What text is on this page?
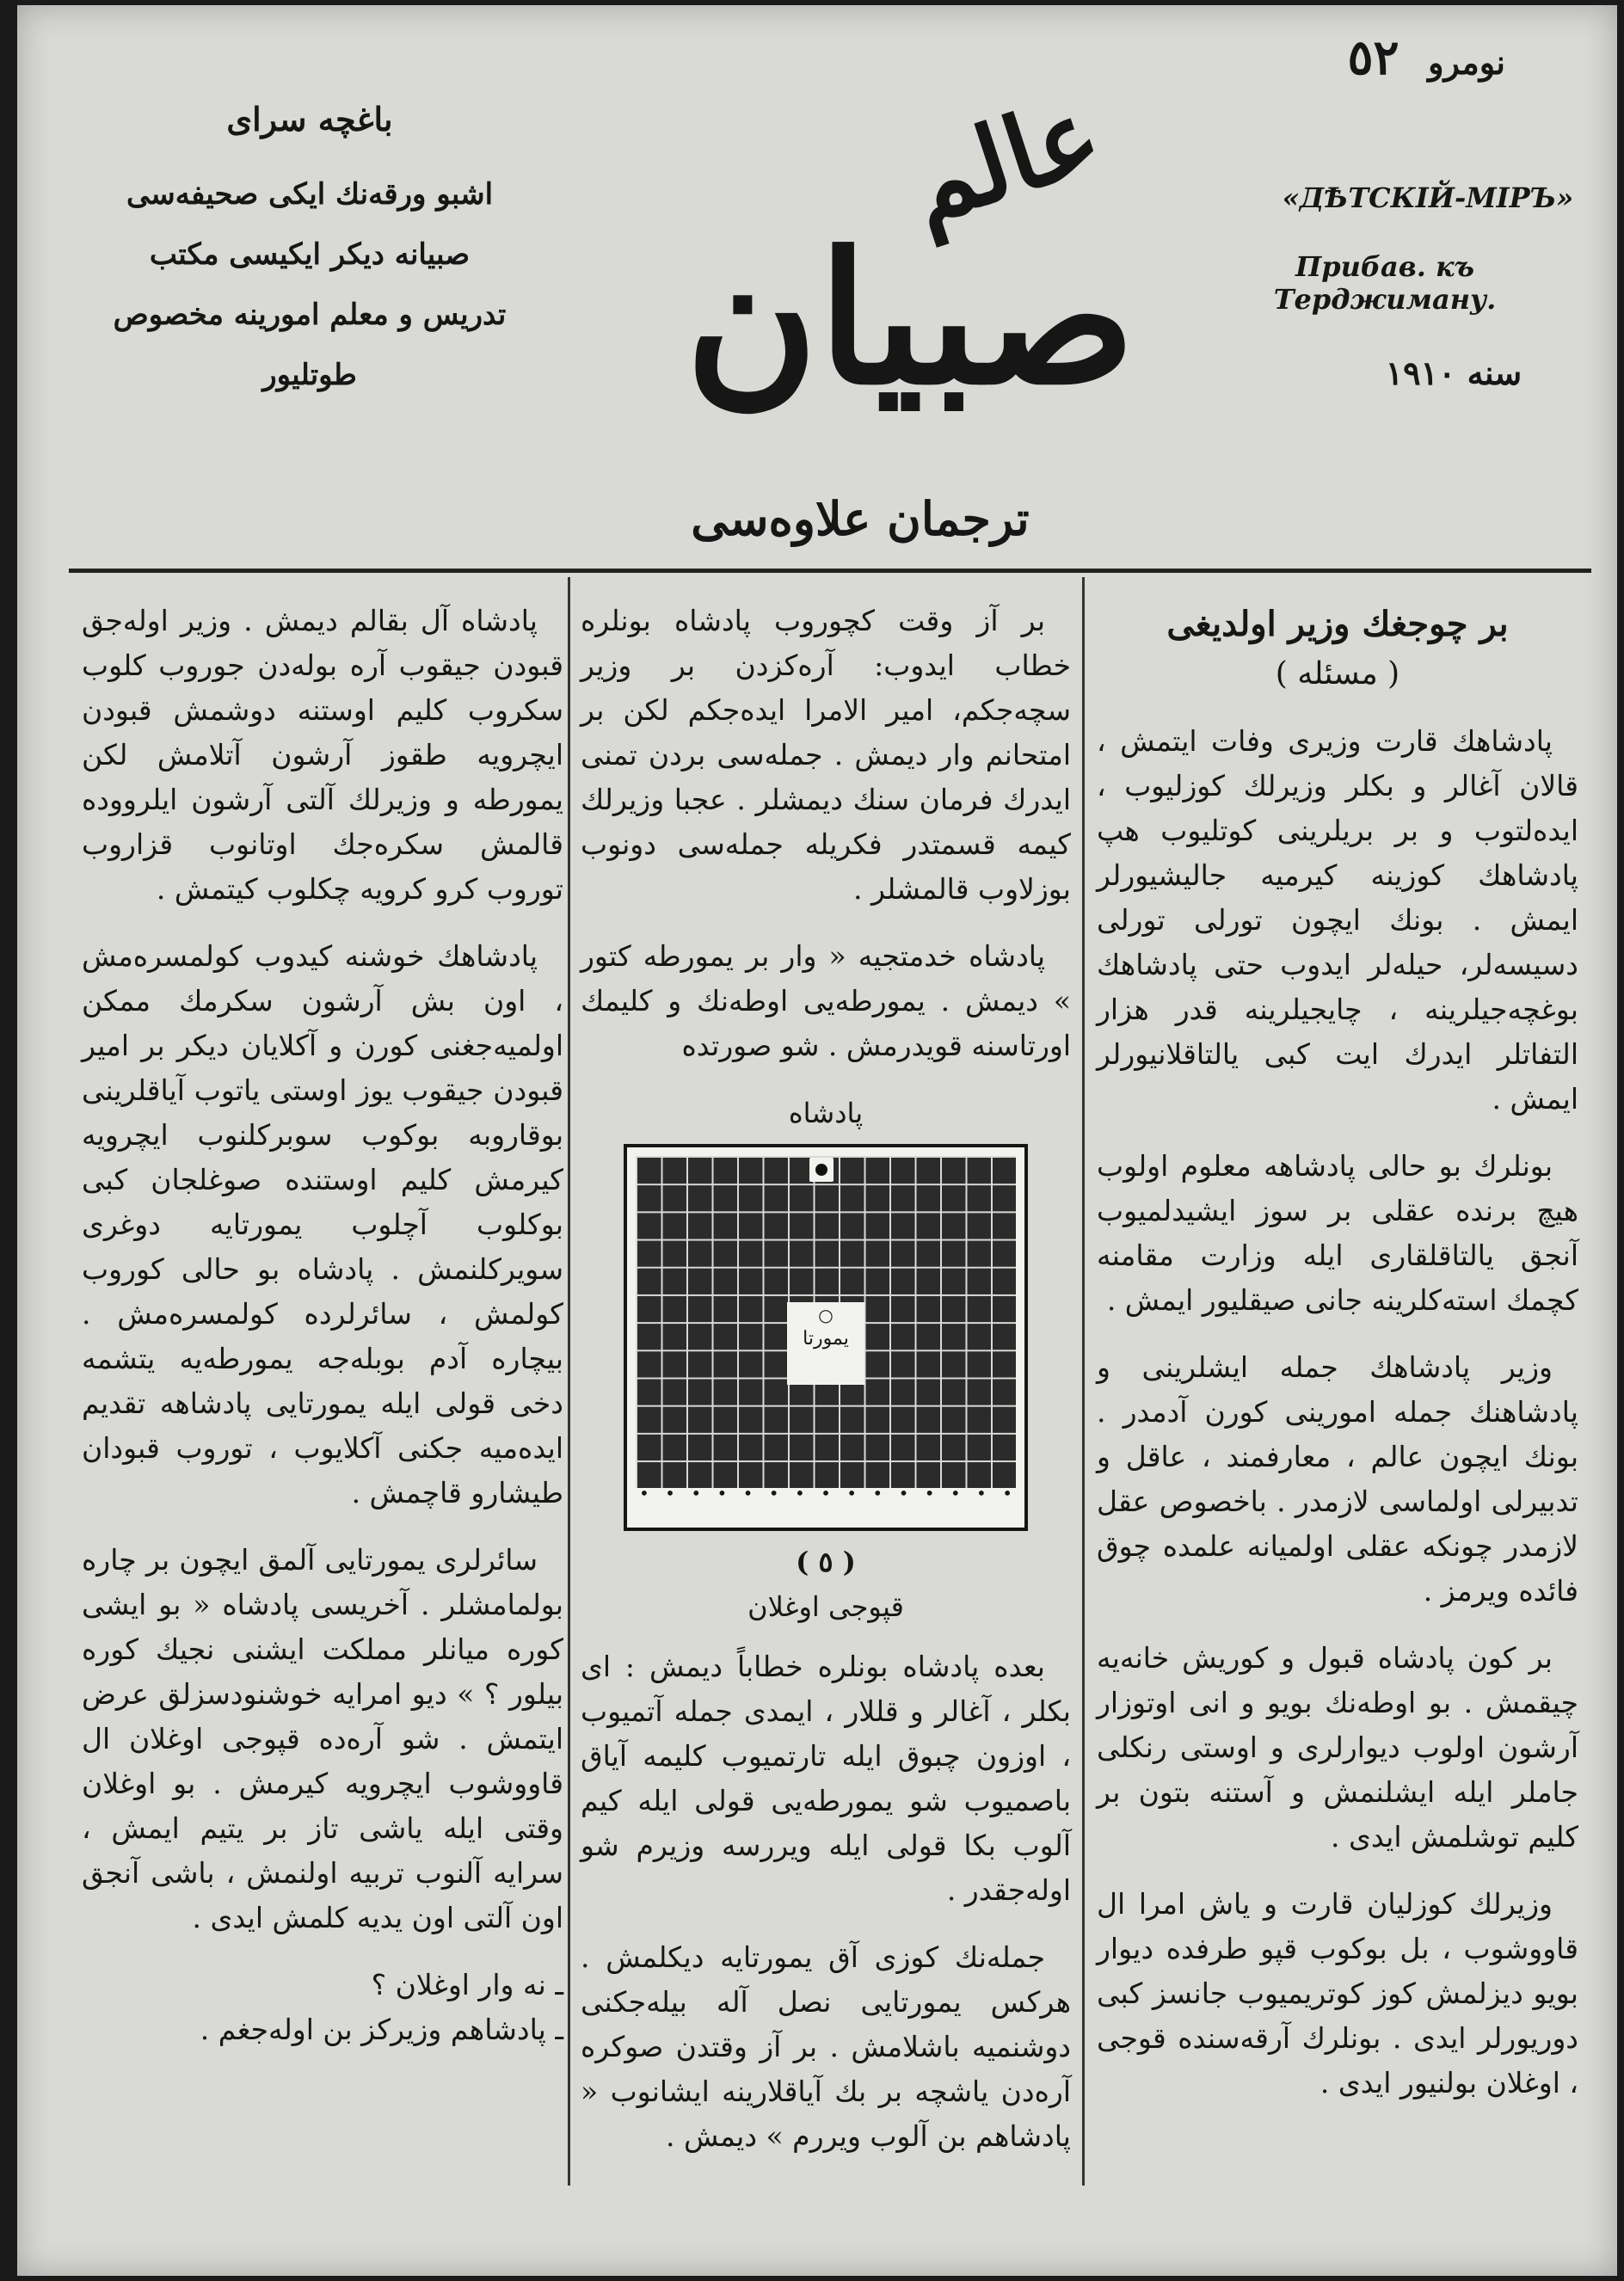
نومرو ٥٢
باغچه سرای
اشبو ورقه‌نك ایكی صحیفه‌سی
صبیانه دیكر ایكیسی مكتب
تدریس و معلم امورینه مخصوص
طوتلیور
عالم
صبیان
«ДѢТСКІЙ-МІРЪ»
Прибав. къ Терджиману.
سنه ۱۹۱۰
ترجمان علاوه‌سی
بر چوجغك وزیر اولدیغی
( مسئله )

پادشاهك قارت وزیری وفات ایتمش ، قالان آغالر و بكلر وزیرلك كوزلیوب ، ایده‌لتوب و بر بریلرینی كوتلیوب هپ پادشاهك كوزینه كیرمیه جالیشیورلر ایمش . بونك ایچون تورلی تورلی دسیسه‌لر، حیله‌لر ایدوب حتی پادشاهك بوغچه‌جیلرینه ، چایجیلرینه قدر هزار التفاتلر ایدرك ایت كبی یالتاقلانیورلر ایمش .

بونلرك بو حالی پادشاهه معلوم اولوب هیچ برنده عقلی بر سوز ایشیدلمیوب آنجق یالتاقلقاری ایله وزارت مقامنه كچمك استه‌كلرینه جانی صیقلیور ایمش .

وزیر پادشاهك جمله ایشلرینی و پادشاهنك جمله امورینی كورن آدمدر . بونك ایچون عالم ، معارفمند ، عاقل و تدبیرلی اولماسی لازمدر . باخصوص عقل لازمدر چونكه عقلی اولمیانه علمده چوق فائده ویرمز .

بر كون پادشاه قبول و كوریش خانه‌یه چیقمش . بو اوطه‌نك بویو و انی اوتوزار آرشون اولوب دیوارلری و اوستی رنكلی جاملر ایله ایشلنمش و آستنه بتون بر كلیم توشلمش ایدی .

وزیرلك كوزلیان قارت و یاش امرا ال قاووشوب ، بل بوكوب قپو طرفده دیوار بویو دیزلمش كوز كوتریمیوب جانسز كبی دوریورلر ایدی . بونلرك آرقه‌سنده قوجی ، اوغلان بولنیور ایدی .

بر آز وقت كچوروب پادشاه بونلره خطاب ایدوب: آره‌كزدن بر وزیر سچه‌جكم، امیر الامرا ایده‌جكم لكن بر امتحانم وار دیمش . جمله‌سی بردن تمنی ایدرك فرمان سنك دیمشلر . عجبا وزیرلك كیمه قسمتدر فكریله جمله‌سی دونوب بوزلاوب قالمشلر .

پادشاه خدمتجیه « وار بر یمورطه كتور » دیمش . یمورطه‌یی اوطه‌نك و كلیمك اورتاسنه قویدرمش . شو صورتده

پادشاه
○
یمورتا
•
•
•
•
•
•
•
•
•
•
•
•
•
•
•
( ٥ )
قپوجی اوغلان

بعده پادشاه بونلره خطاباً دیمش : ای بكلر ، آغالر و قللار ، ایمدی جمله آتمیوب ، اوزون چبوق ایله تارتمیوب كلیمه آیاق باصمیوب شو یمورطه‌یی قولی ایله كیم آلوب بكا قولی ایله ویررسه وزیرم شو اوله‌جقدر .

جمله‌نك كوزی آق یمورتایه دیكلمش . هركس یمورتایی نصل آله بیله‌جكنی دوشنمیه باشلامش . بر آز وقتدن صوكره آره‌دن یاشچه بر بك آیاقلارینه ایشانوب « پادشاهم بن آلوب ویررم » دیمش .

پادشاه آل بقالم دیمش . وزیر اوله‌جق قبودن جیقوب آره بوله‌دن جوروب كلوب سكروب كلیم اوستنه دوشمش قبودن ایچرویه طقوز آرشون آتلامش لكن یمورطه و وزیرلك آلتی آرشون ایلرووده قالمش سكره‌جك اوتانوب قزاروب توروب كرو كرویه چكلوب كیتمش .

پادشاهك خوشنه كیدوب كولمسره‌مش ، اون بش آرشون سكرمك ممكن اولمیه‌جغنی كورن و آكلایان دیكر بر امیر قبودن جیقوب یوز اوستی یاتوب آیاقلرینی بوقاروبه بوكوب سوبركلنوب ایچرویه كیرمش كلیم اوستنده صوغلجان كبی بوكلوب آچلوب یمورتایه دوغری سویركلنمش . پادشاه بو حالی كوروب كولمش ، سائرلرده كولمسره‌مش . بیچاره آدم بوبله‌جه یمورطه‌یه یتشمه دخی قولی ایله یمورتایی پادشاهه تقدیم ایده‌میه جكنی آكلایوب ، توروب قبودان طیشارو قاچمش .

سائرلری یمورتایی آلمق ایچون بر چاره بولمامشلر . آخریسی پادشاه « بو ایشی كوره میانلر مملكت ایشنی نجیك كوره بیلور ؟ » دیو امرایه خوشنودسزلق عرض ایتمش . شو آره‌ده قپوجی اوغلان ال قاووشوب ایچرویه كیرمش . بو اوغلان وقتی ایله یاشی تاز بر یتیم ایمش ، سرایه آلنوب تربیه اولنمش ، باشی آنجق اون آلتی اون یدیه كلمش ایدی .

ـ نه وار اوغلان ؟

ـ پادشاهم وزیركز بن اوله‌جغم .
